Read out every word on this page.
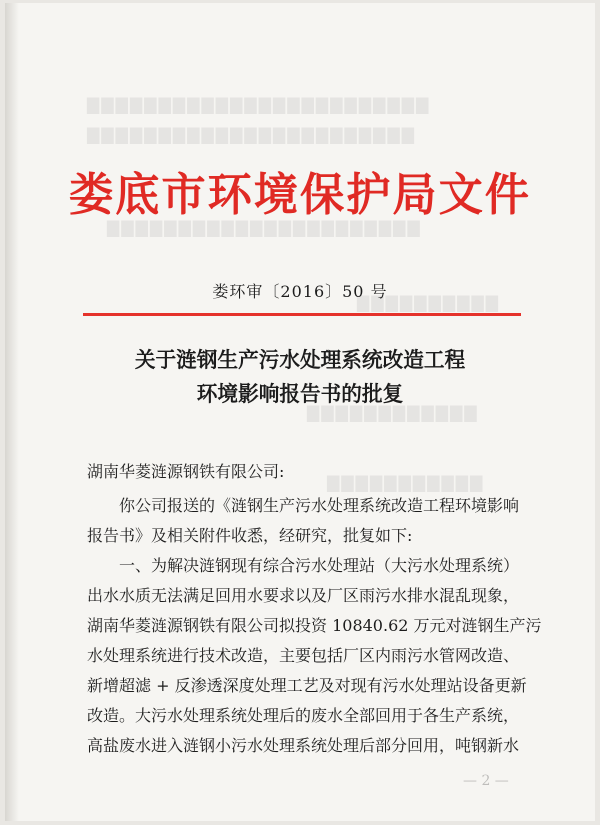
▇▇▇▇▇▇▇▇▇▇▇▇▇▇▇▇▇▇▇▇▇▇▇▇
▇▇▇▇▇▇▇▇▇▇▇▇▇▇▇▇▇▇▇▇▇▇▇
▇▇▇▇▇▇▇▇▇▇▇▇▇▇▇▇▇▇▇▇▇▇
▇▇▇▇▇▇▇▇▇▇
▇▇▇▇▇▇▇▇▇▇▇▇
▇▇▇▇▇▇▇▇▇▇▇
娄底市环境保护局文件
娄环审〔2016〕50 号
关于涟钢生产污水处理系统改造工程
环境影响报告书的批复
湖南华菱涟源钢铁有限公司:
你公司报送的《涟钢生产污水处理系统改造工程环境影响
报告书》及相关附件收悉，经研究，批复如下:
一、为解决涟钢现有综合污水处理站（大污水处理系统）
出水水质无法满足回用水要求以及厂区雨污水排水混乱现象，
湖南华菱涟源钢铁有限公司拟投资 10840.62 万元对涟钢生产污
水处理系统进行技术改造，主要包括厂区内雨污水管网改造、
新增超滤 + 反渗透深度处理工艺及对现有污水处理站设备更新
改造。大污水处理系统处理后的废水全部回用于各生产系统，
高盐废水进入涟钢小污水处理系统处理后部分回用，吨钢新水
— 2 —
